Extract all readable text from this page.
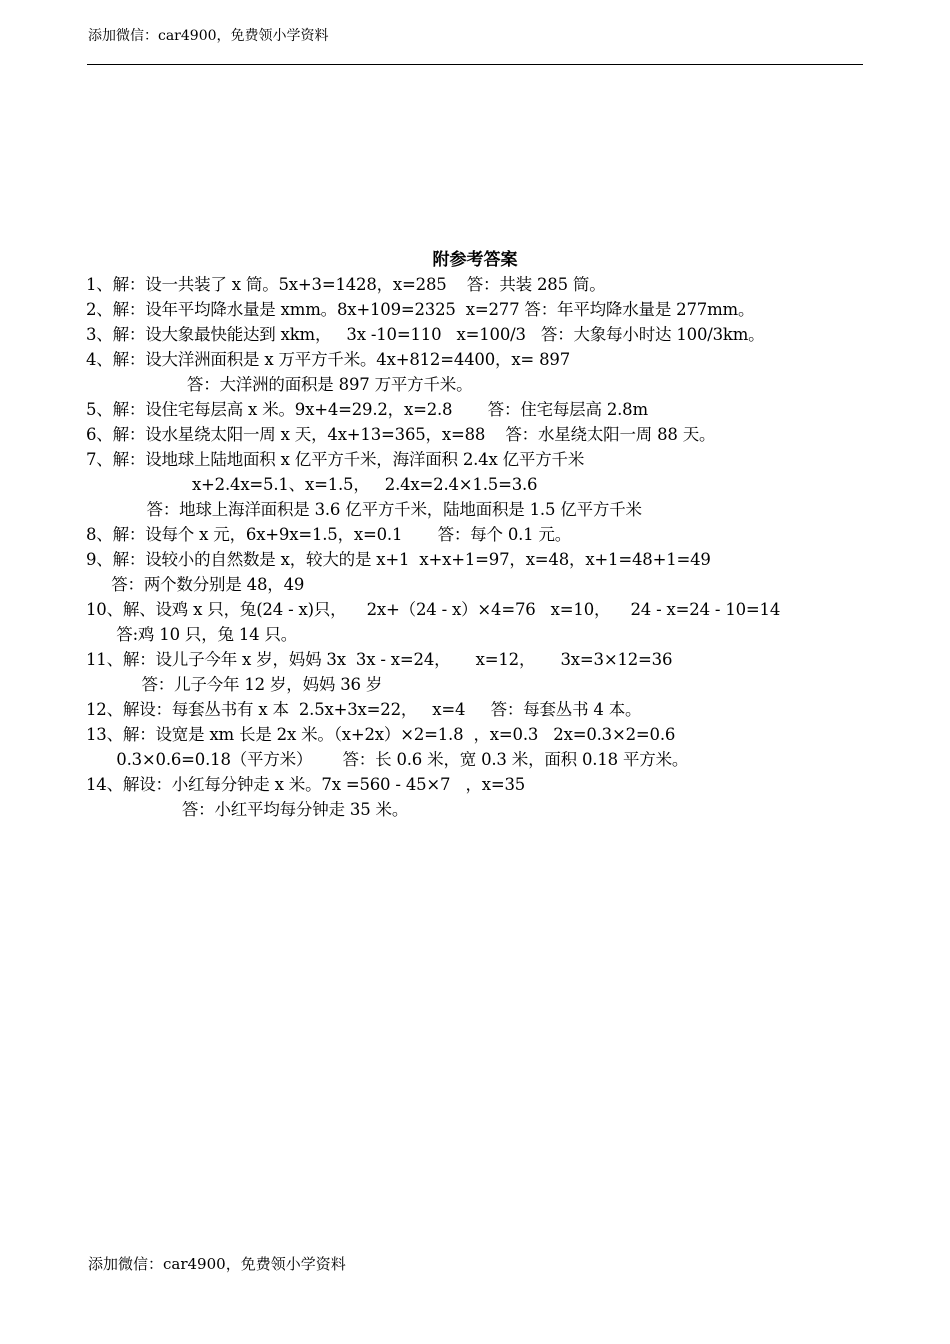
添加微信：car4900，免费领小学资料
附参考答案
1、解：设一共装了 x 筒。5x+3=1428，x=285    答：共装 285 筒。
2、解：设年平均降水量是 xmm。8x+109=2325  x=277 答：年平均降水量是 277mm。
3、解：设大象最快能达到 xkm，   3x -10=110   x=100/3   答：大象每小时达 100/3km。
4、解：设大洋洲面积是 x 万平方千米。4x+812=4400，x= 897
答：大洋洲的面积是 897 万平方千米。
5、解：设住宅每层高 x 米。9x+4=29.2，x=2.8       答：住宅每层高 2.8m
6、解：设水星绕太阳一周 x 天，4x+13=365，x=88    答：水星绕太阳一周 88 天。
7、解：设地球上陆地面积 x 亿平方千米，海洋面积 2.4x 亿平方千米
x+2.4x=5.1、x=1.5，   2.4x=2.4×1.5=3.6
答：地球上海洋面积是 3.6 亿平方千米，陆地面积是 1.5 亿平方千米
8、解：设每个 x 元，6x+9x=1.5，x=0.1       答：每个 0.1 元。
9、解：设较小的自然数是 x，较大的是 x+1  x+x+1=97，x=48，x+1=48+1=49
答：两个数分别是 48，49
10、解、设鸡 x 只，兔(24 - x)只，    2x+（24 - x）×4=76   x=10，    24 - x=24 - 10=14
答:鸡 10 只，兔 14 只。
11、解：设儿子今年 x 岁，妈妈 3x  3x - x=24，     x=12，     3x=3×12=36
答：儿子今年 12 岁，妈妈 36 岁
12、解设：每套丛书有 x 本  2.5x+3x=22，   x=4     答：每套丛书 4 本。
13、解：设宽是 xm 长是 2x 米。（x+2x）×2=1.8  ，x=0.3   2x=0.3×2=0.6
0.3×0.6=0.18（平方米）      答：长 0.6 米，宽 0.3 米，面积 0.18 平方米。
14、解设：小红每分钟走 x 米。7x =560 - 45×7   ，x=35
答：小红平均每分钟走 35 米。
添加微信：car4900，免费领小学资料
